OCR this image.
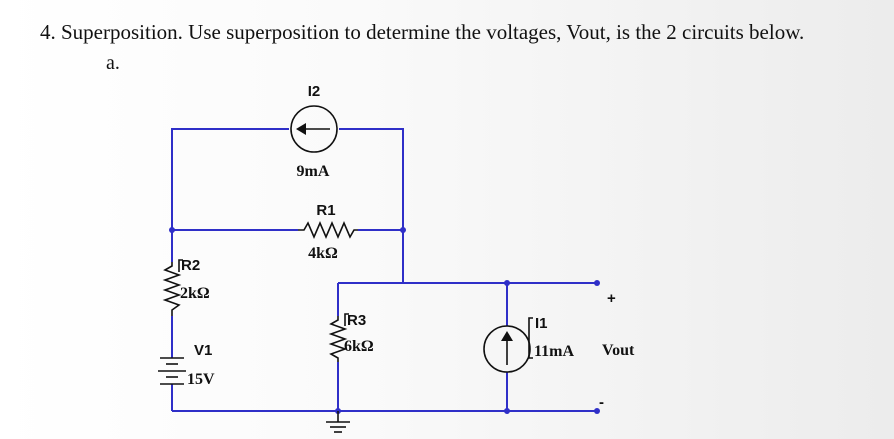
4. Superposition. Use superposition to determine the voltages, Vout, is the 2 circuits below.
a.
I2
9mA
R1
4kΩ
R2
2kΩ
V1
15V
R3
6kΩ
I1
11mA
+
Vout
-
